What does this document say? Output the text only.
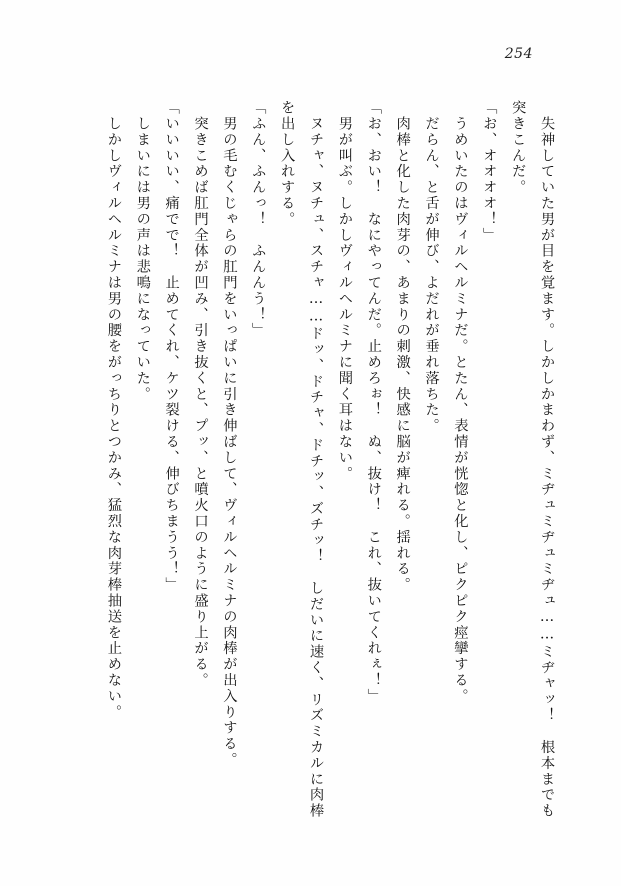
254

　失神していた男が目を覚ます。しかしかまわず、ミヂュミヂュミヂュ……ミヂャッ！　根本までも突きこんだ。

「お、オオオオ！」

　うめいたのはヴィルヘルミナだ。とたん、表情が恍惚と化し、ピクピク痙攣する。

　だらん、と舌が伸び、よだれが垂れ落ちた。

　肉棒と化した肉芽の、あまりの刺激、快感に脳が痺れる。揺れる。

「お、おい！　なにやってんだ。止めろぉ！　ぬ、抜け！　これ、抜いてくれぇ！」

　男が叫ぶ。しかしヴィルヘルミナに聞く耳はない。

　ヌチャ、ヌチュ、スチャ……ドッ、ドチャ、ドチッ、ズチッ！　しだいに速く、リズミカルに肉棒を出し入れする。

「ふん、ふんっ！　ふんんう！」

　男の毛むくじゃらの肛門をいっぱいに引き伸ばして、ヴィルヘルミナの肉棒が出入りする。

　突きこめば肛門全体が凹み、引き抜くと、プッ、と噴火口のように盛り上がる。

「いいいい、痛でで！　止めてくれ、ケツ裂ける、伸びちまうう！」

　しまいには男の声は悲鳴になっていた。

　しかしヴィルヘルミナは男の腰をがっちりとつかみ、猛烈な肉芽棒抽送を止めない。
